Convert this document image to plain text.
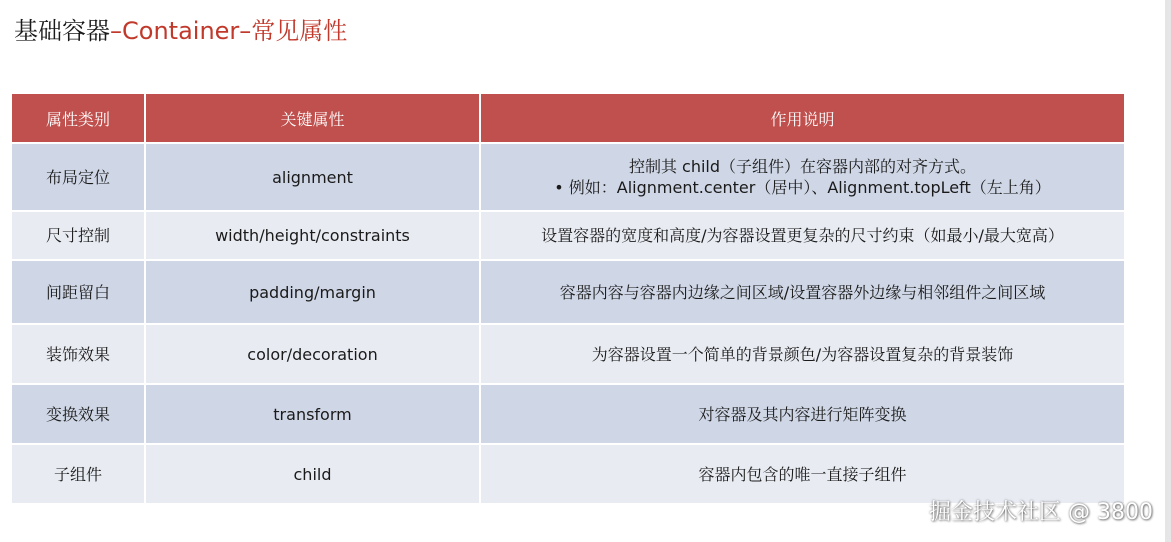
基础容器–Container–常见属性
属性类别	关键属性	作用说明
布局定位	alignment	控制其 child（子组件）在容器内部的对齐方式。
• 例如：Alignment.center（居中）、Alignment.topLeft（左上角）

尺寸控制	width/height/constraints	设置容器的宽度和高度/为容器设置更复杂的尺寸约束（如最小/最大宽高）
间距留白	padding/margin	容器内容与容器内边缘之间区域/设置容器外边缘与相邻组件之间区域
装饰效果	color/decoration	为容器设置一个简单的背景颜色/为容器设置复杂的背景装饰
变换效果	transform	对容器及其内容进行矩阵变换
子组件	child	容器内包含的唯一直接子组件
掘金技术社区 @ 3800
